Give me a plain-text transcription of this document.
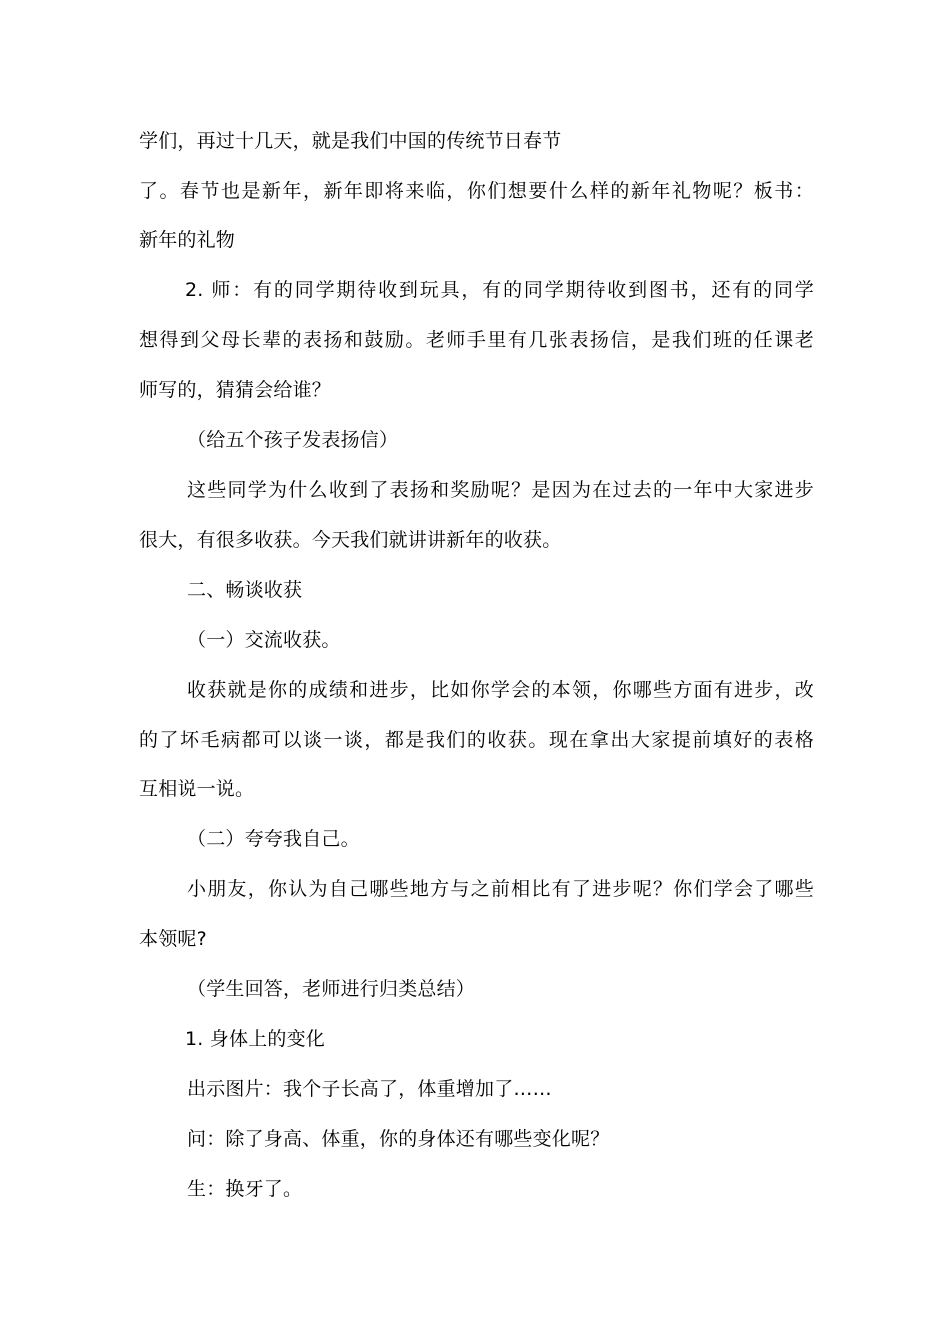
学们，再过十几天，就是我们中国的传统节日春节
了。春节也是新年，新年即将来临，你们想要什么样的新年礼物呢？板书：
新年的礼物
2. 师：有的同学期待收到玩具，有的同学期待收到图书，还有的同学
想得到父母长辈的表扬和鼓励。老师手里有几张表扬信，是我们班的任课老
师写的，猜猜会给谁？
（给五个孩子发表扬信）
这些同学为什么收到了表扬和奖励呢？是因为在过去的一年中大家进步
很大，有很多收获。今天我们就讲讲新年的收获。
二、畅谈收获
（一）交流收获。
收获就是你的成绩和进步，比如你学会的本领，你哪些方面有进步，改
的了坏毛病都可以谈一谈，都是我们的收获。现在拿出大家提前填好的表格
互相说一说。
（二）夸夸我自己。
小朋友，你认为自己哪些地方与之前相比有了进步呢？你们学会了哪些
本领呢?
（学生回答，老师进行归类总结）
1. 身体上的变化
出示图片：我个子长高了，体重增加了……
问：除了身高、体重，你的身体还有哪些变化呢？
生：换牙了。
